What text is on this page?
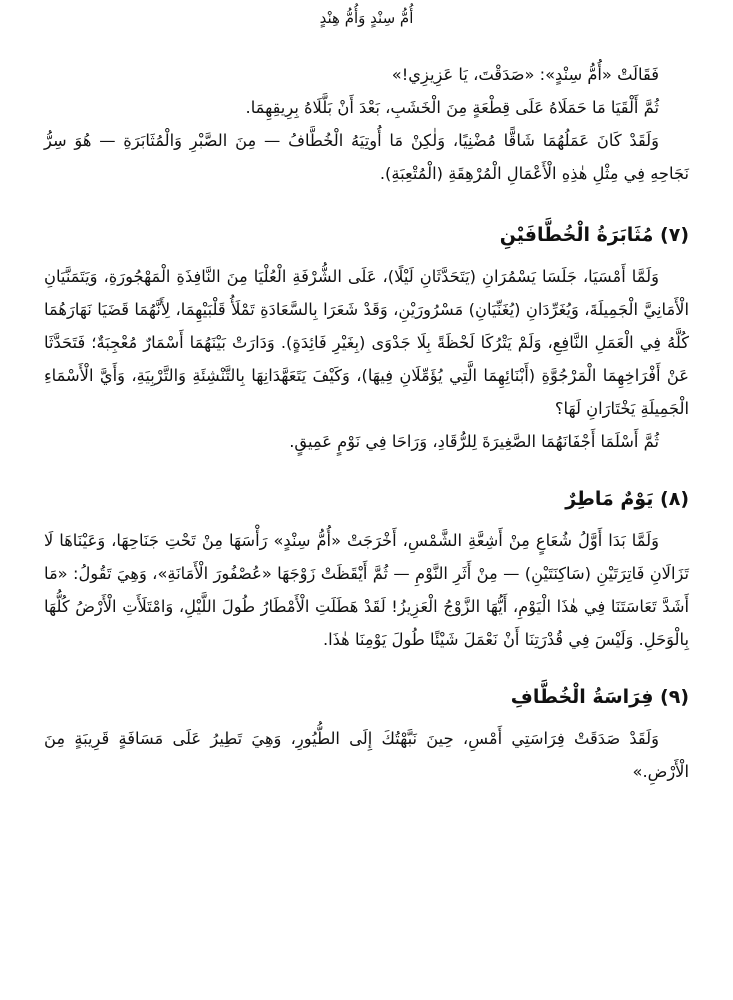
أُمُّ سِنْدٍ وَأُمُّ هِنْدٍ

فَقَالَتْ «أُمُّ سِنْدٍ»: «صَدَقْتَ، يَا عَزِيزِي!»

ثُمَّ أَلْقَيَا مَا حَمَلَاهُ عَلَى قِطْعَةٍ مِنَ الْخَشَبِ، بَعْدَ أَنْ بَلَّلَاهُ بِرِيقِهِمَا.

وَلَقَدْ كَانَ عَمَلُهُمَا شَاقًّا مُضْنِيًا، وَلٰكِنْ مَا أُوتِيَهُ الْخُطَّافُ — مِنَ الصَّبْرِ وَالْمُثَابَرَةِ — هُوَ سِرُّ نَجَاحِهِ فِي مِثْلِ هٰذِهِ الْأَعْمَالِ الْمُرْهِقَةِ (الْمُتْعِبَةِ).

(٧) مُثَابَرَةُ الْخُطَّافَيْنِ

وَلَمَّا أَمْسَيَا، جَلَسَا يَسْمُرَانِ (يَتَحَدَّثَانِ لَيْلًا)، عَلَى الشُّرْفَةِ الْعُلْيَا مِنَ النَّافِذَةِ الْمَهْجُورَةِ، وَيَتَمَنَّيَانِ الْأَمَانِيَّ الْجَمِيلَةَ، وَيُغَرِّدَانِ (يُغَنِّيَانِ) مَسْرُورَيْنِ، وَقَدْ شَعَرَا بِالسَّعَادَةِ تَمْلَأُ قَلْبَيْهِمَا، لِأَنَّهُمَا قَضَيَا نَهَارَهُمَا كُلَّهُ فِي الْعَمَلِ النَّافِعِ، وَلَمْ يَتْرُكَا لَحْظَةً بِلَا جَدْوَى (بِغَيْرِ فَائِدَةٍ). وَدَارَتْ بَيْنَهُمَا أَسْمَارٌ مُعْجِبَةٌ؛ فَتَحَدَّثَا عَنْ أَفْرَاخِهِمَا الْمَرْجُوَّةِ (أَبْنَائِهِمَا الَّتِي يُؤَمِّلَانِ فِيهَا)، وَكَيْفَ يَتَعَهَّدَانِهَا بِالتَّنْشِئَةِ وَالتَّرْبِيَةِ، وَأَيَّ الْأَسْمَاءِ الْجَمِيلَةِ يَخْتَارَانِ لَهَا؟

ثُمَّ أَسْلَمَا أَجْفَانَهُمَا الصَّغِيرَةَ لِلرُّقَادِ، وَرَاحَا فِي نَوْمٍ عَمِيقٍ.

(٨) يَوْمٌ مَاطِرٌ

وَلَمَّا بَدَا أَوَّلُ شُعَاعٍ مِنْ أَشِعَّةِ الشَّمْسِ، أَخْرَجَتْ «أُمُّ سِنْدٍ» رَأْسَهَا مِنْ تَحْتِ جَنَاحِهَا، وَعَيْنَاهَا لَا تَزَالَانِ فَاتِرَتَيْنِ (سَاكِنَتَيْنِ) — مِنْ أَثَرِ النَّوْمِ — ثُمَّ أَيْقَظَتْ زَوْجَهَا «عُصْفُورَ الْأَمَانَةِ»، وَهِيَ تَقُولُ: «مَا أَشَدَّ تَعَاسَتَنَا فِي هٰذَا الْيَوْمِ، أَيُّهَا الزَّوْجُ الْعَزِيزُ! لَقَدْ هَطَلَتِ الْأَمْطَارُ طُولَ اللَّيْلِ، وَامْتَلَأَتِ الْأَرْضُ كُلُّهَا بِالْوَحَلِ. وَلَيْسَ فِي قُدْرَتِنَا أَنْ نَعْمَلَ شَيْئًا طُولَ يَوْمِنَا هٰذَا.

(٩) فِرَاسَةُ الْخُطَّافِ

وَلَقَدْ صَدَقَتْ فِرَاسَتِي أَمْسِ، حِينَ نَبَّهْتُكَ إِلَى الطُّيُورِ، وَهِيَ تَطِيرُ عَلَى مَسَافَةٍ قَرِيبَةٍ مِنَ الْأَرْضِ.»
